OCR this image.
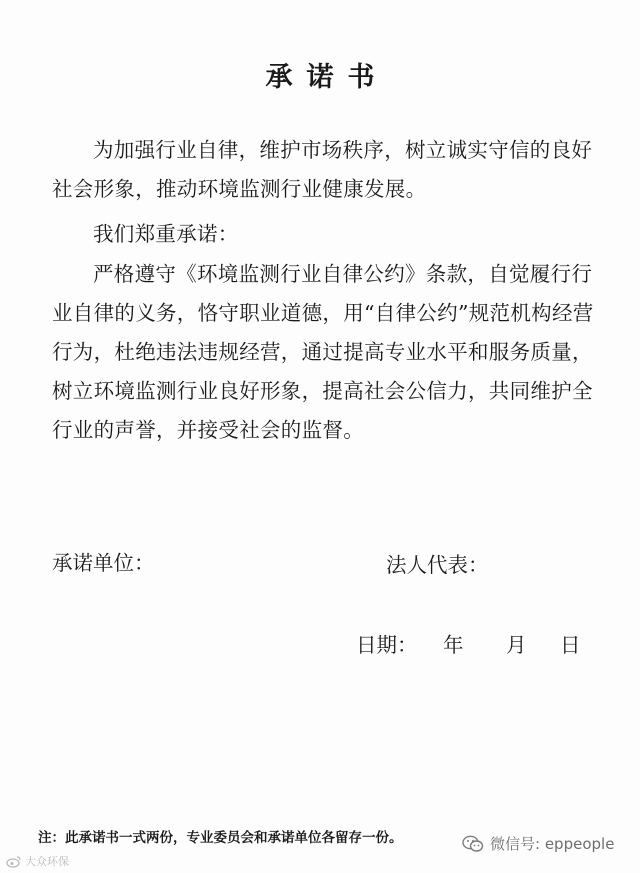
承诺书
为加强行业自律，维护市场秩序，树立诚实守信的良好社会形象，推动环境监测行业健康发展。
我们郑重承诺：
严格遵守《环境监测行业自律公约》条款，自觉履行行业自律的义务，恪守职业道德，用“自律公约”规范机构经营行为，杜绝违法违规经营，通过提高专业水平和服务质量，树立环境监测行业良好形象，提高社会公信力，共同维护全行业的声誉，并接受社会的监督。
承诺单位：	法人代表：
日期： 年 月 日
注：此承诺书一式两份，专业委员会和承诺单位各留存一份。	微信号: eppeople
大众环保
